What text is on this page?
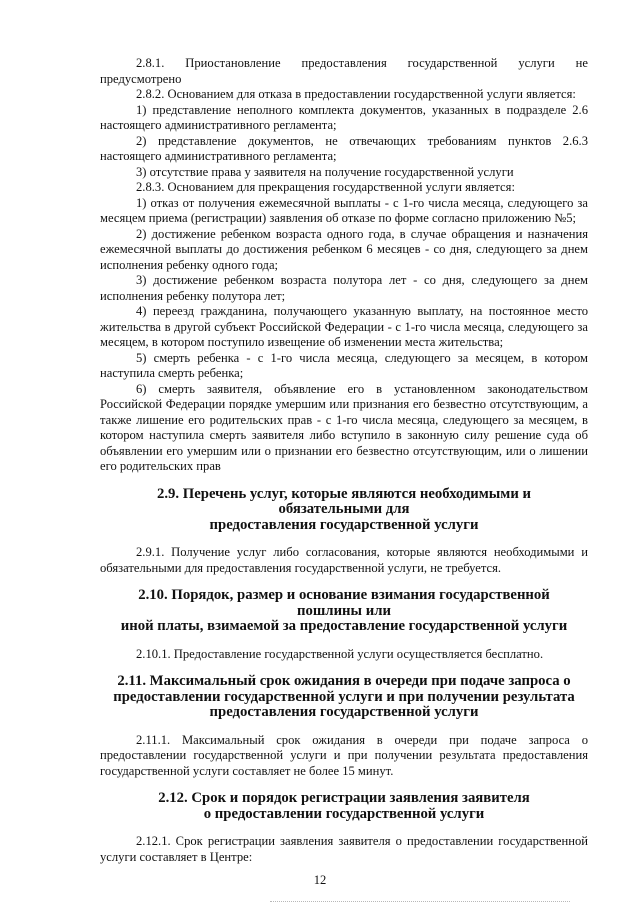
2.8.1. Приостановление предоставления государственной услуги не

предусмотрено

2.8.2. Основанием для отказа в предоставлении государственной услуги является:

1) представление неполного комплекта документов, указанных в подразделе 2.6 настоящего административного регламента;

2) представление документов, не отвечающих требованиям пунктов 2.6.3 настоящего административного регламента;

3) отсутствие права у заявителя на получение государственной услуги

2.8.3. Основанием для прекращения государственной услуги является:

1) отказ от получения ежемесячной выплаты - с 1-го числа месяца, следующего за месяцем приема (регистрации) заявления об отказе по форме согласно приложению №5;

2) достижение ребенком возраста одного года, в случае обращения и назначения ежемесячной выплаты до достижения ребенком 6 месяцев - со дня, следующего за днем исполнения ребенку одного года;

3) достижение ребенком возраста полутора лет - со дня, следующего за днем исполнения ребенку полутора лет;

4) переезд гражданина, получающего указанную выплату, на постоянное место жительства в другой субъект Российской Федерации - с 1-го числа месяца, следующего за месяцем, в котором поступило извещение об изменении места жительства;

5) смерть ребенка - с 1-го числа месяца, следующего за месяцем, в котором наступила смерть ребенка;

6) смерть заявителя, объявление его в установленном законодательством Российской Федерации порядке умершим или признания его безвестно отсутствующим, а также лишение его родительских прав - с 1-го числа месяца, следующего за месяцем, в котором наступила смерть заявителя либо вступило в законную силу решение суда об объявлении его умершим или о признании его безвестно отсутствующим, или о лишении его родительских прав

2.9. Перечень услуг, которые являются необходимыми и обязательными для
предоставления государственной услуги

2.9.1. Получение услуг либо согласования, которые являются необходимыми и обязательными для предоставления государственной услуги, не требуется.

2.10. Порядок, размер и основание взимания государственной пошлины или
иной платы, взимаемой за предоставление государственной услуги

2.10.1. Предоставление государственной услуги осуществляется бесплатно.

2.11. Максимальный срок ожидания в очереди при подаче запроса о
предоставлении государственной услуги и при получении результата
предоставления государственной услуги

2.11.1. Максимальный срок ожидания в очереди при подаче запроса о предоставлении государственной услуги и при получении результата предоставления государственной услуги составляет не более 15 минут.

2.12. Срок и порядок регистрации заявления заявителя
о предоставлении государственной услуги

2.12.1. Срок регистрации заявления заявителя о предоставлении государственной услуги составляет в Центре:

12
